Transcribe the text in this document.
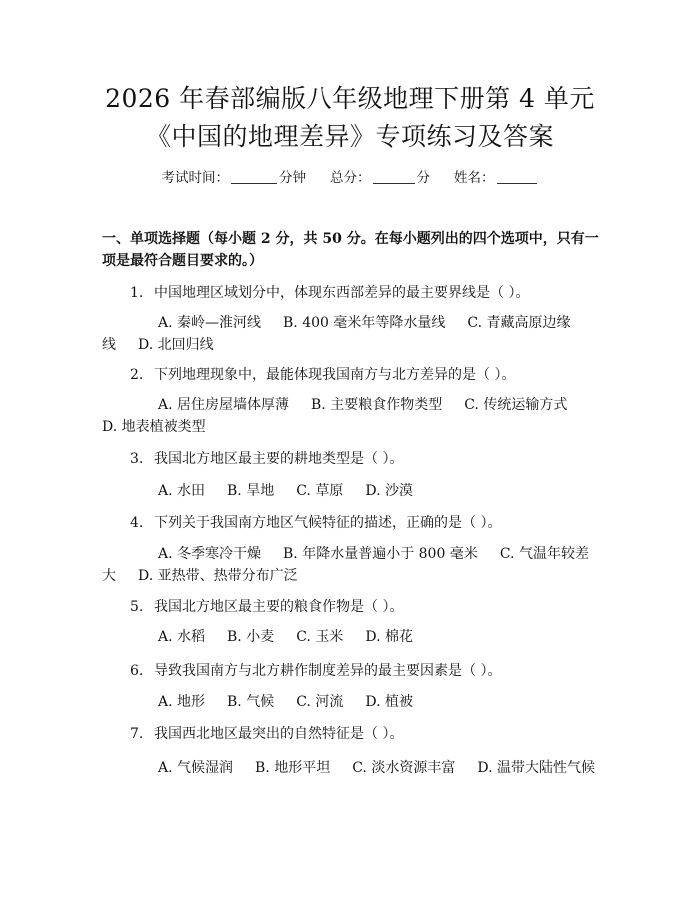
2026 年春部编版八年级地理下册第 4 单元
《中国的地理差异》专项练习及答案
考试时间：	分钟 总分：	分 姓名：
一、单项选择题（每小题 2 分，共 50 分。在每小题列出的四个选项中，只有一项是最符合题目要求的。）
1. 中国地理区域划分中，体现东西部差异的最主要界线是（ ）。
A. 秦岭—淮河线 B. 400 毫米年等降水量线 C. 青藏高原边缘线 D. 北回归线
2. 下列地理现象中，最能体现我国南方与北方差异的是（ ）。
A. 居住房屋墙体厚薄 B. 主要粮食作物类型 C. 传统运输方式D. 地表植被类型
3. 我国北方地区最主要的耕地类型是（ ）。
A. 水田 B. 旱地 C. 草原 D. 沙漠
4. 下列关于我国南方地区气候特征的描述，正确的是（ ）。
A. 冬季寒冷干燥 B. 年降水量普遍小于 800 毫米 C. 气温年较差大 D. 亚热带、热带分布广泛
5. 我国北方地区最主要的粮食作物是（ ）。
A. 水稻 B. 小麦 C. 玉米 D. 棉花
6. 导致我国南方与北方耕作制度差异的最主要因素是（ ）。
A. 地形 B. 气候 C. 河流 D. 植被
7. 我国西北地区最突出的自然特征是（ ）。
A. 气候湿润 B. 地形平坦 C. 淡水资源丰富 D. 温带大陆性气候
